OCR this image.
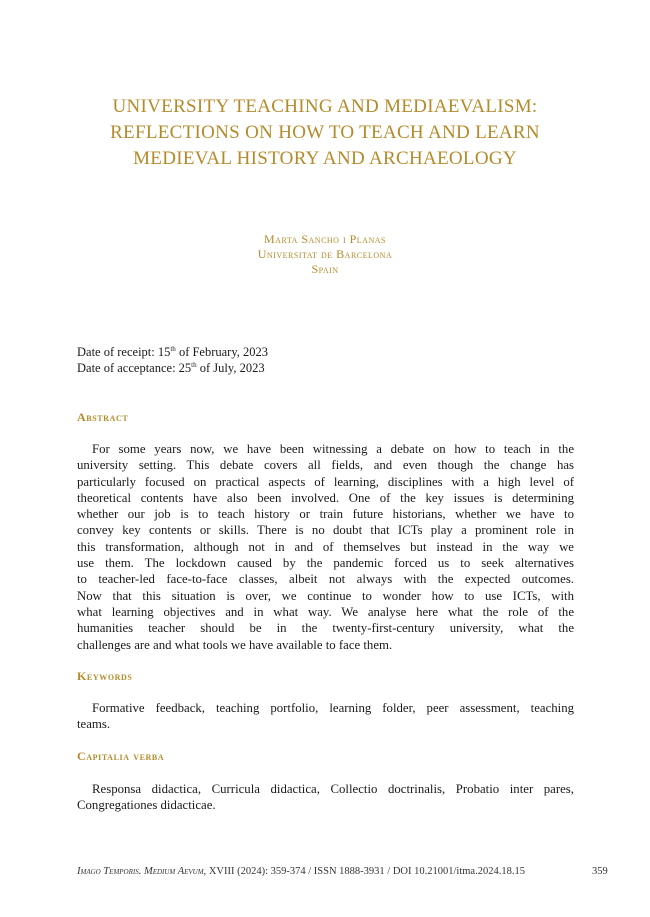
UNIVERSITY TEACHING AND MEDIAEVALISM:
REFLECTIONS ON HOW TO TEACH AND LEARN
MEDIEVAL HISTORY AND ARCHAEOLOGY
Marta Sancho i Planas
Universitat de Barcelona
Spain
Date of receipt: 15th of February, 2023
Date of acceptance: 25th of July, 2023
Abstract
For some years now, we have been witnessing a debate on how to teach in the
university setting. This debate covers all fields, and even though the change has
particularly focused on practical aspects of learning, disciplines with a high level of
theoretical contents have also been involved. One of the key issues is determining
whether our job is to teach history or train future historians, whether we have to
convey key contents or skills. There is no doubt that ICTs play a prominent role in
this transformation, although not in and of themselves but instead in the way we
use them. The lockdown caused by the pandemic forced us to seek alternatives
to teacher-led face-to-face classes, albeit not always with the expected outcomes.
Now that this situation is over, we continue to wonder how to use ICTs, with
what learning objectives and in what way. We analyse here what the role of the
humanities teacher should be in the twenty-first-century university, what the
challenges are and what tools we have available to face them.
Keywords
Formative feedback, teaching portfolio, learning folder, peer assessment, teaching
teams.
Capitalia verba
Responsa didactica, Curricula didactica, Collectio doctrinalis, Probatio inter pares,
Congregationes didacticae.
Imago Temporis. Medium Aevum, XVIII (2024): 359-374 / ISSN 1888-3931 / DOI 10.21001/itma.2024.18.15	359
